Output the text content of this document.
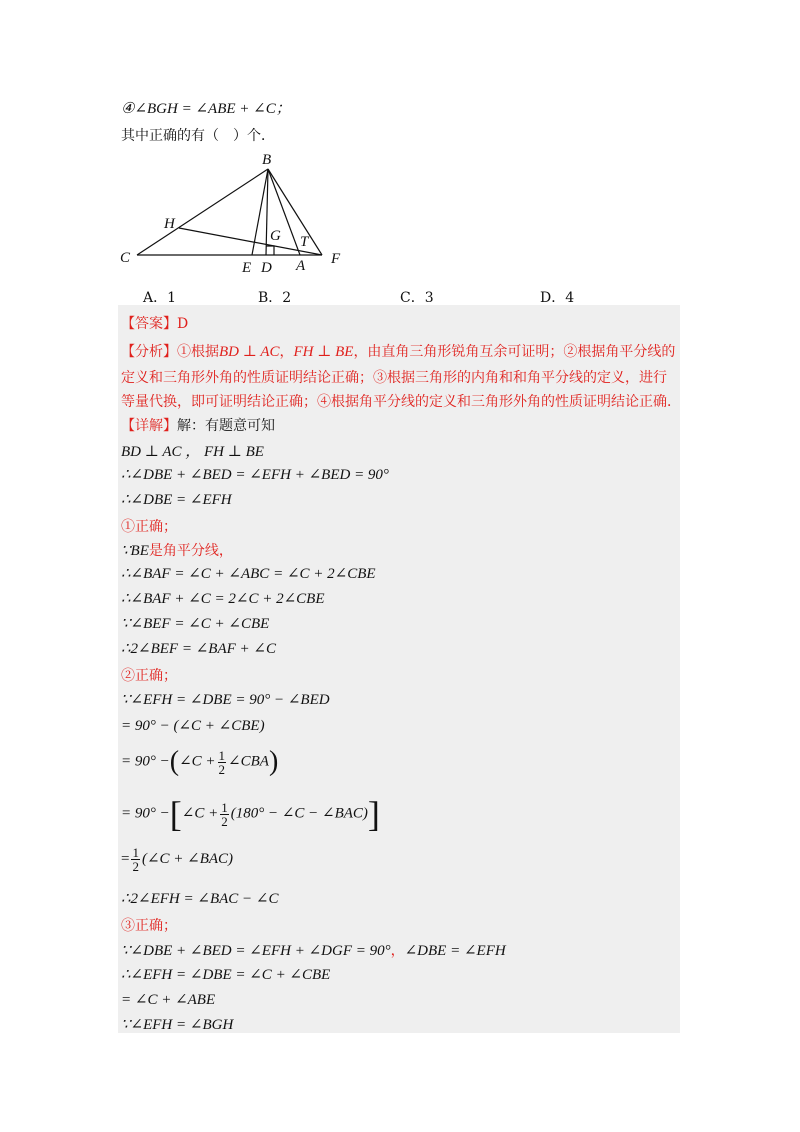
④∠BGH = ∠ABE + ∠C；
其中正确的有（　）个．
B
H
G T
C
E D A F
A．1	B．2	C．3	D．4
【答案】D
【分析】①根据BD ⊥ AC，FH ⊥ BE，由直角三角形锐角互余可证明；②根据角平分线的
定义和三角形外角的性质证明结论正确；③根据三角形的内角和和角平分线的定义，进行
等量代换，即可证明结论正确；④根据角平分线的定义和三角形外角的性质证明结论正确．
【详解】解：有题意可知
BD ⊥ AC ， FH ⊥ BE
∴∠DBE + ∠BED = ∠EFH + ∠BED = 90°
∴∠DBE = ∠EFH
①正确；
∵BE是角平分线，
∴∠BAF = ∠C + ∠ABC = ∠C + 2∠CBE
∴∠BAF + ∠C = 2∠C + 2∠CBE
∵∠BEF = ∠C + ∠CBE
∴2∠BEF = ∠BAF + ∠C
②正确；
∵∠EFH = ∠DBE = 90° − ∠BED
= 90° − (∠C + ∠CBE)
= 90° −(∠C + $\frac{1}{2}$ ∠CBA)
= 90° −[∠C + $\frac{1}{2} (180^\circ$ − ∠C − ∠BAC)]
= $\frac{1}{2}$ (∠C + ∠BAC)
∴2∠EFH = ∠BAC − ∠C
③正确；
∵∠DBE + ∠BED = ∠EFH + ∠DGF = 90°，∠DBE = ∠EFH
∴∠EFH = ∠DBE = ∠C + ∠CBE
= ∠C + ∠ABE
∵∠EFH = ∠BGH
